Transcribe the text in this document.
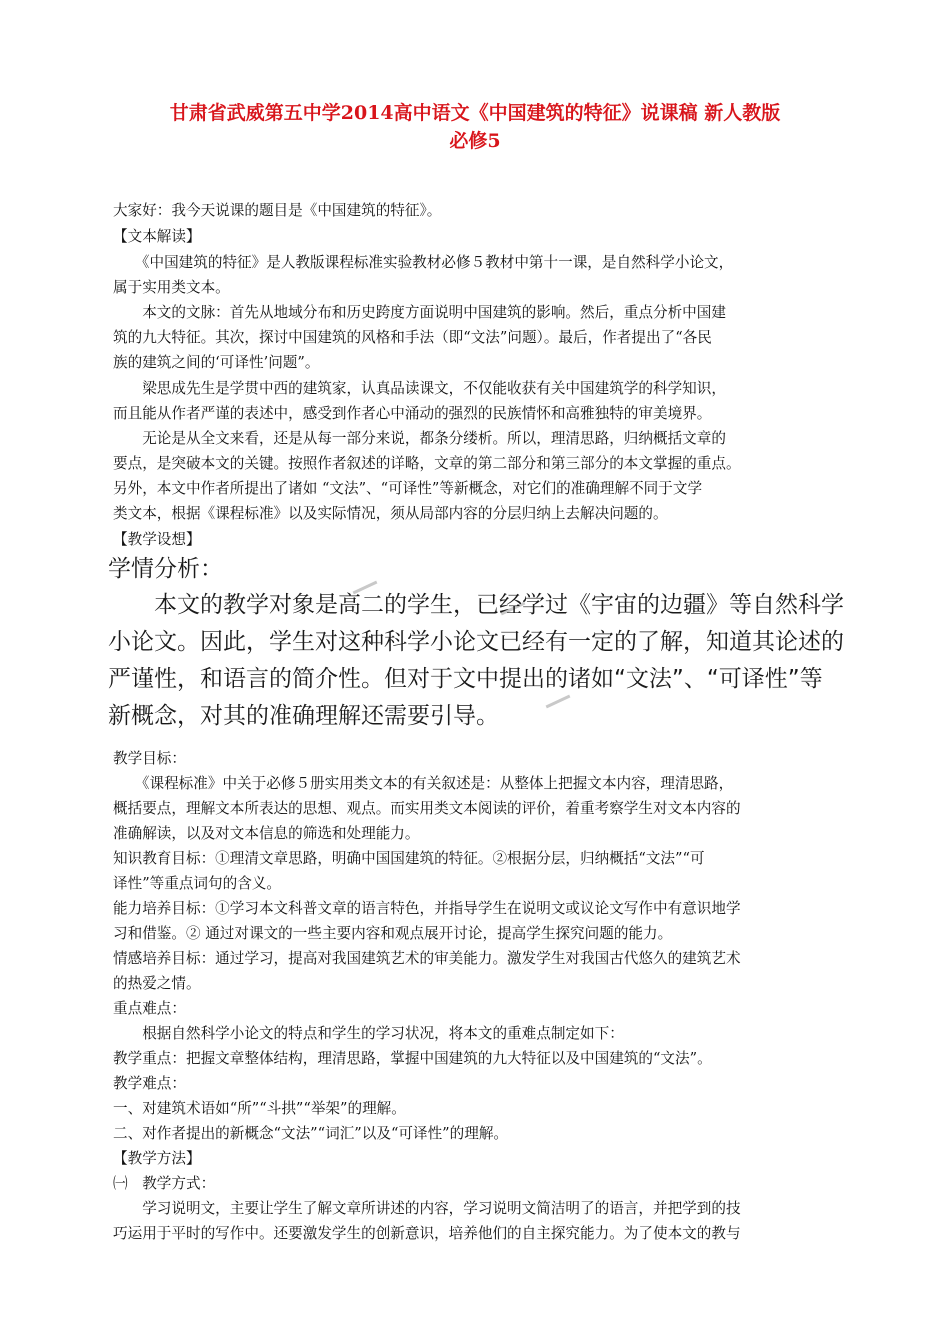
甘肃省武威第五中学2014高中语文《中国建筑的特征》说课稿 新人教版
必修5
大家好：我今天说课的题目是《中国建筑的特征》。
【文本解读】
　　《中国建筑的特征》是人教版课程标准实验教材必修５教材中第十一课，是自然科学小论文，
属于实用类文本。
　　本文的文脉：首先从地域分布和历史跨度方面说明中国建筑的影响。然后，重点分析中国建
筑的九大特征。其次，探讨中国建筑的风格和手法（即“文法”问题）。最后，作者提出了“各民
族的建筑之间的‘可译性’问题”。
　　梁思成先生是学贯中西的建筑家，认真品读课文，不仅能收获有关中国建筑学的科学知识，
而且能从作者严谨的表述中，感受到作者心中涌动的强烈的民族情怀和高雅独特的审美境界。
　　无论是从全文来看，还是从每一部分来说，都条分缕析。所以，理清思路，归纳概括文章的
要点，是突破本文的关键。按照作者叙述的详略，文章的第二部分和第三部分的本文掌握的重点。
另外，本文中作者所提出了诸如 “文法”、“可译性”等新概念，对它们的准确理解不同于文学
类文本，根据《课程标准》以及实际情况，须从局部内容的分层归纳上去解决问题的。
【教学设想】
学情分析：
　　本文的教学对象是高二的学生，已经学过《宇宙的边疆》等自然科学
小论文。因此，学生对这种科学小论文已经有一定的了解，知道其论述的
严谨性，和语言的简介性。但对于文中提出的诸如“文法”、“可译性”等
新概念，对其的准确理解还需要引导。
教学目标：
　　《课程标准》中关于必修５册实用类文本的有关叙述是：从整体上把握文本内容，理清思路，
概括要点，理解文本所表达的思想、观点。而实用类文本阅读的评价，着重考察学生对文本内容的
准确解读，以及对文本信息的筛选和处理能力。
知识教育目标：①理清文章思路，明确中国国建筑的特征。②根据分层，归纳概括“文法”“可
译性”等重点词句的含义。
能力培养目标：①学习本文科普文章的语言特色，并指导学生在说明文或议论文写作中有意识地学
习和借鉴。② 通过对课文的一些主要内容和观点展开讨论，提高学生探究问题的能力。
情感培养目标：通过学习，提高对我国建筑艺术的审美能力。激发学生对我国古代悠久的建筑艺术
的热爱之情。
重点难点：
　　根据自然科学小论文的特点和学生的学习状况，将本文的重难点制定如下：
教学重点：把握文章整体结构，理清思路，掌握中国建筑的九大特征以及中国建筑的“文法”。
教学难点：
一、对建筑术语如“所”“斗拱”“举架”的理解。
二、对作者提出的新概念“文法”“词汇”以及“可译性”的理解。
【教学方法】
㈠　教学方式：
　　学习说明文，主要让学生了解文章所讲述的内容，学习说明文简洁明了的语言，并把学到的技
巧运用于平时的写作中。还要激发学生的创新意识，培养他们的自主探究能力。为了使本文的教与
